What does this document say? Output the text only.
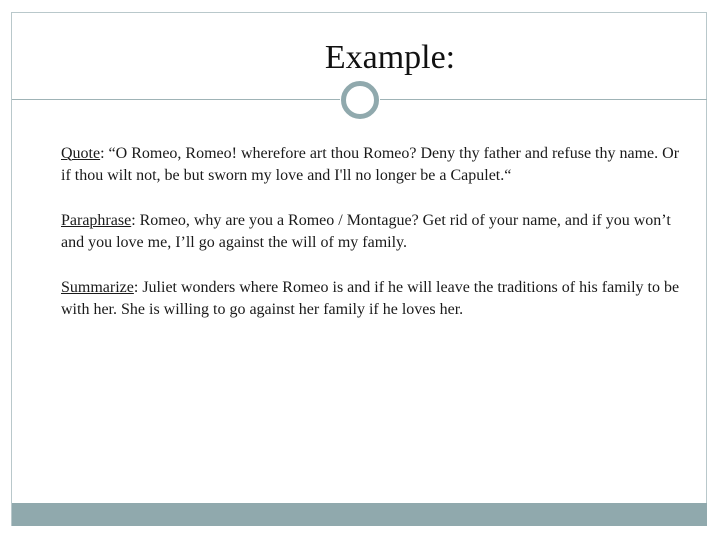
Example:

Quote: “O Romeo, Romeo! wherefore art thou Romeo? Deny thy father and refuse thy name. Or if thou wilt not, be but sworn my love and I'll no longer be a Capulet.“

Paraphrase: Romeo, why are you a Romeo / Montague? Get rid of your name, and if you won’t and you love me, I’ll go against the will of my family.

Summarize: Juliet wonders where Romeo is and if he will leave the traditions of his family to be with her. She is willing to go against her family if he loves her.
